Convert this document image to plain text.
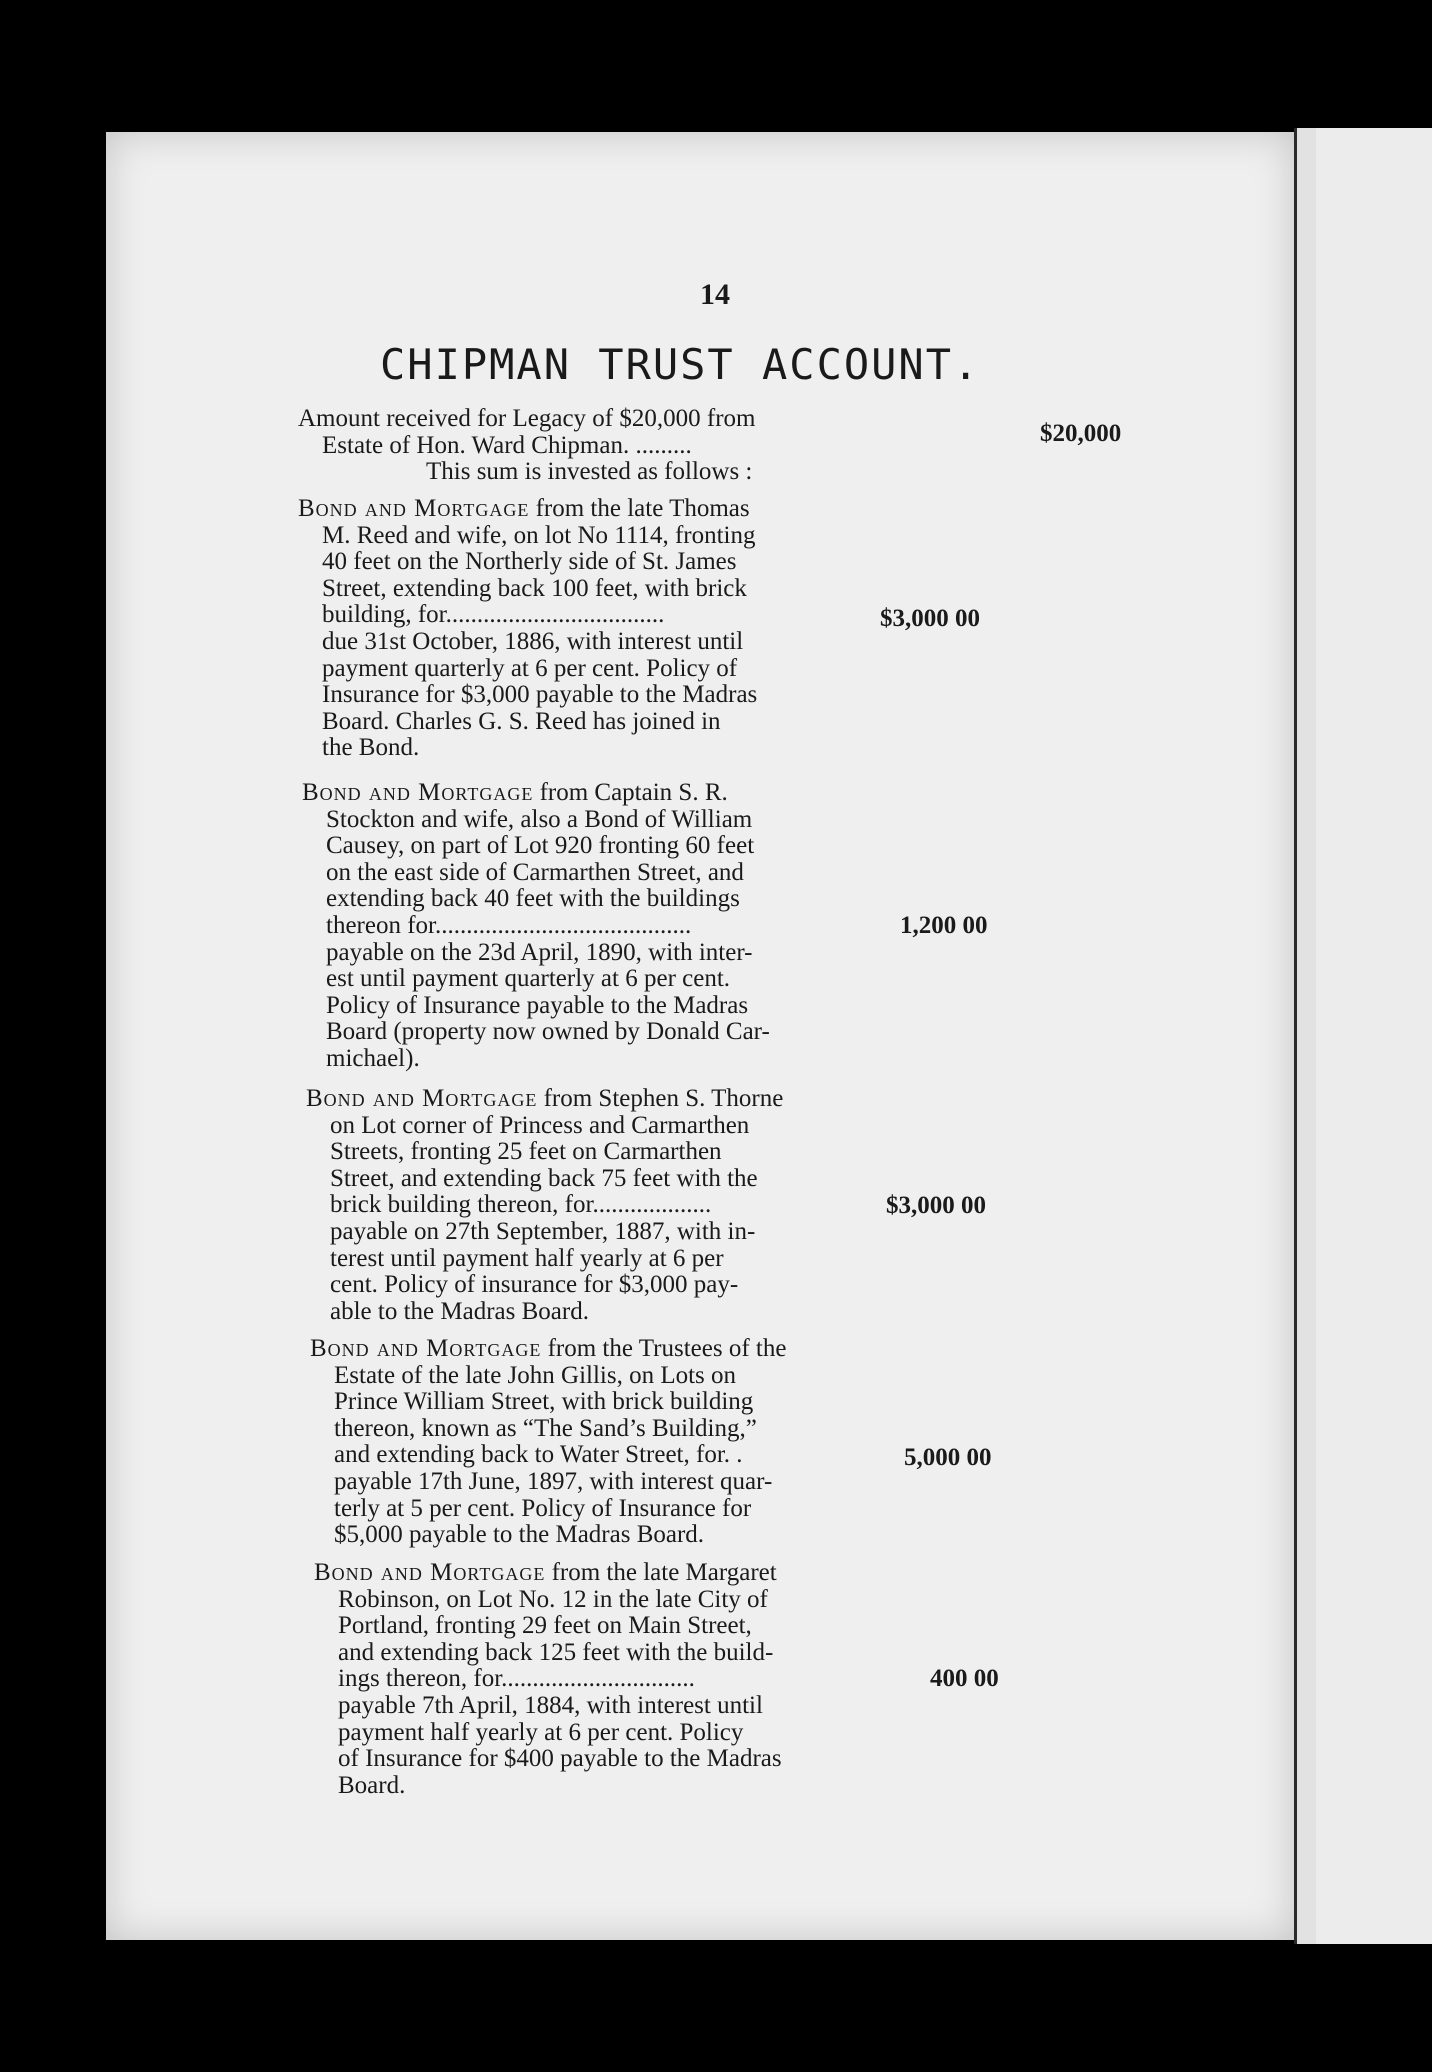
14
CHIPMAN TRUST ACCOUNT.
Amount received for Legacy of $20,000 from
Estate of Hon. Ward Chipman. .........
This sum is invested as follows :
$20,000
Bond and Mortgage from the late Thomas
M. Reed and wife, on lot No 1114, fronting
40 feet on the Northerly side of St. James
Street, extending back 100 feet, with brick
building, for...................................
due 31st October, 1886, with interest until
payment quarterly at 6 per cent. Policy of
Insurance for $3,000 payable to the Madras
Board. Charles G. S. Reed has joined in
the Bond.
$3,000 00
Bond and Mortgage from Captain S. R.
Stockton and wife, also a Bond of William
Causey, on part of Lot 920 fronting 60 feet
on the east side of Carmarthen Street, and
extending back 40 feet with the buildings
thereon for.........................................
payable on the 23d April, 1890, with inter-
est until payment quarterly at 6 per cent.
Policy of Insurance payable to the Madras
Board (property now owned by Donald Car-
michael).
1,200 00
Bond and Mortgage from Stephen S. Thorne
on Lot corner of Princess and Carmarthen
Streets, fronting 25 feet on Carmarthen
Street, and extending back 75 feet with the
brick building thereon, for...................
payable on 27th September, 1887, with in-
terest until payment half yearly at 6 per
cent. Policy of insurance for $3,000 pay-
able to the Madras Board.
$3,000 00
Bond and Mortgage from the Trustees of the
Estate of the late John Gillis, on Lots on
Prince William Street, with brick building
thereon, known as “The Sand’s Building,”
and extending back to Water Street, for. .
payable 17th June, 1897, with interest quar-
terly at 5 per cent. Policy of Insurance for
$5,000 payable to the Madras Board.
5,000 00
Bond and Mortgage from the late Margaret
Robinson, on Lot No. 12 in the late City of
Portland, fronting 29 feet on Main Street,
and extending back 125 feet with the build-
ings thereon, for...............................
payable 7th April, 1884, with interest until
payment half yearly at 6 per cent. Policy
of Insurance for $400 payable to the Madras
Board.
400 00
